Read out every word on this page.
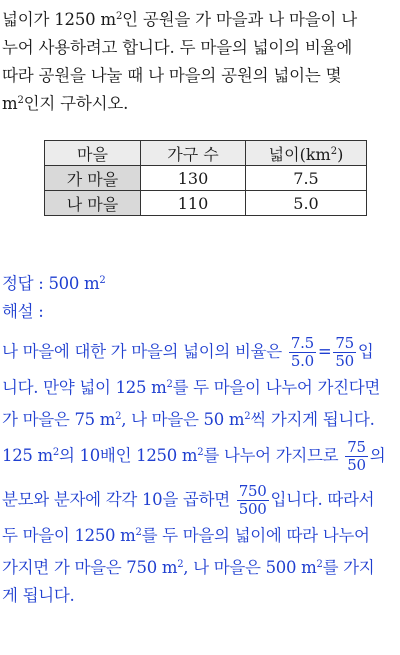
넓이가 1250 $m^2$인 공원을 가 마을과 나 마을이 나

누어 사용하려고 합니다. 두 마을의 넓이의 비율에

따라 공원을 나눌 때 나 마을의 공원의 넓이는 몇

$m^2$인지 구하시오.

마을	가구 수	넓이$(km^2)$
가 마을	130	7.5
나 마을	110	5.0
정답 : 500 $m^2$
해설 :
나 마을에 대한 가 마을의 넓이의 비율은 $\frac{7.5}{5.0} = \frac{75}{50}$ 입
니다. 만약 넓이 125 $m^2$를 두 마을이 나누어 가진다면
가 마을은 75 $m^2$, 나 마을은 50 $m^2$씩 가지게 됩니다.
125 $m^2$의 10배인 1250 $m^2$를 나누어 가지므로 $\frac{75}{50}$ 의
분모와 분자에 각각 10을 곱하면 $\frac{750}{500}$ 입니다. 따라서
두 마을이 1250 $m^2$를 두 마을의 넓이에 따라 나누어
가지면 가 마을은 750 $m^2$, 나 마을은 500 $m^2$를 가지
게 됩니다.
